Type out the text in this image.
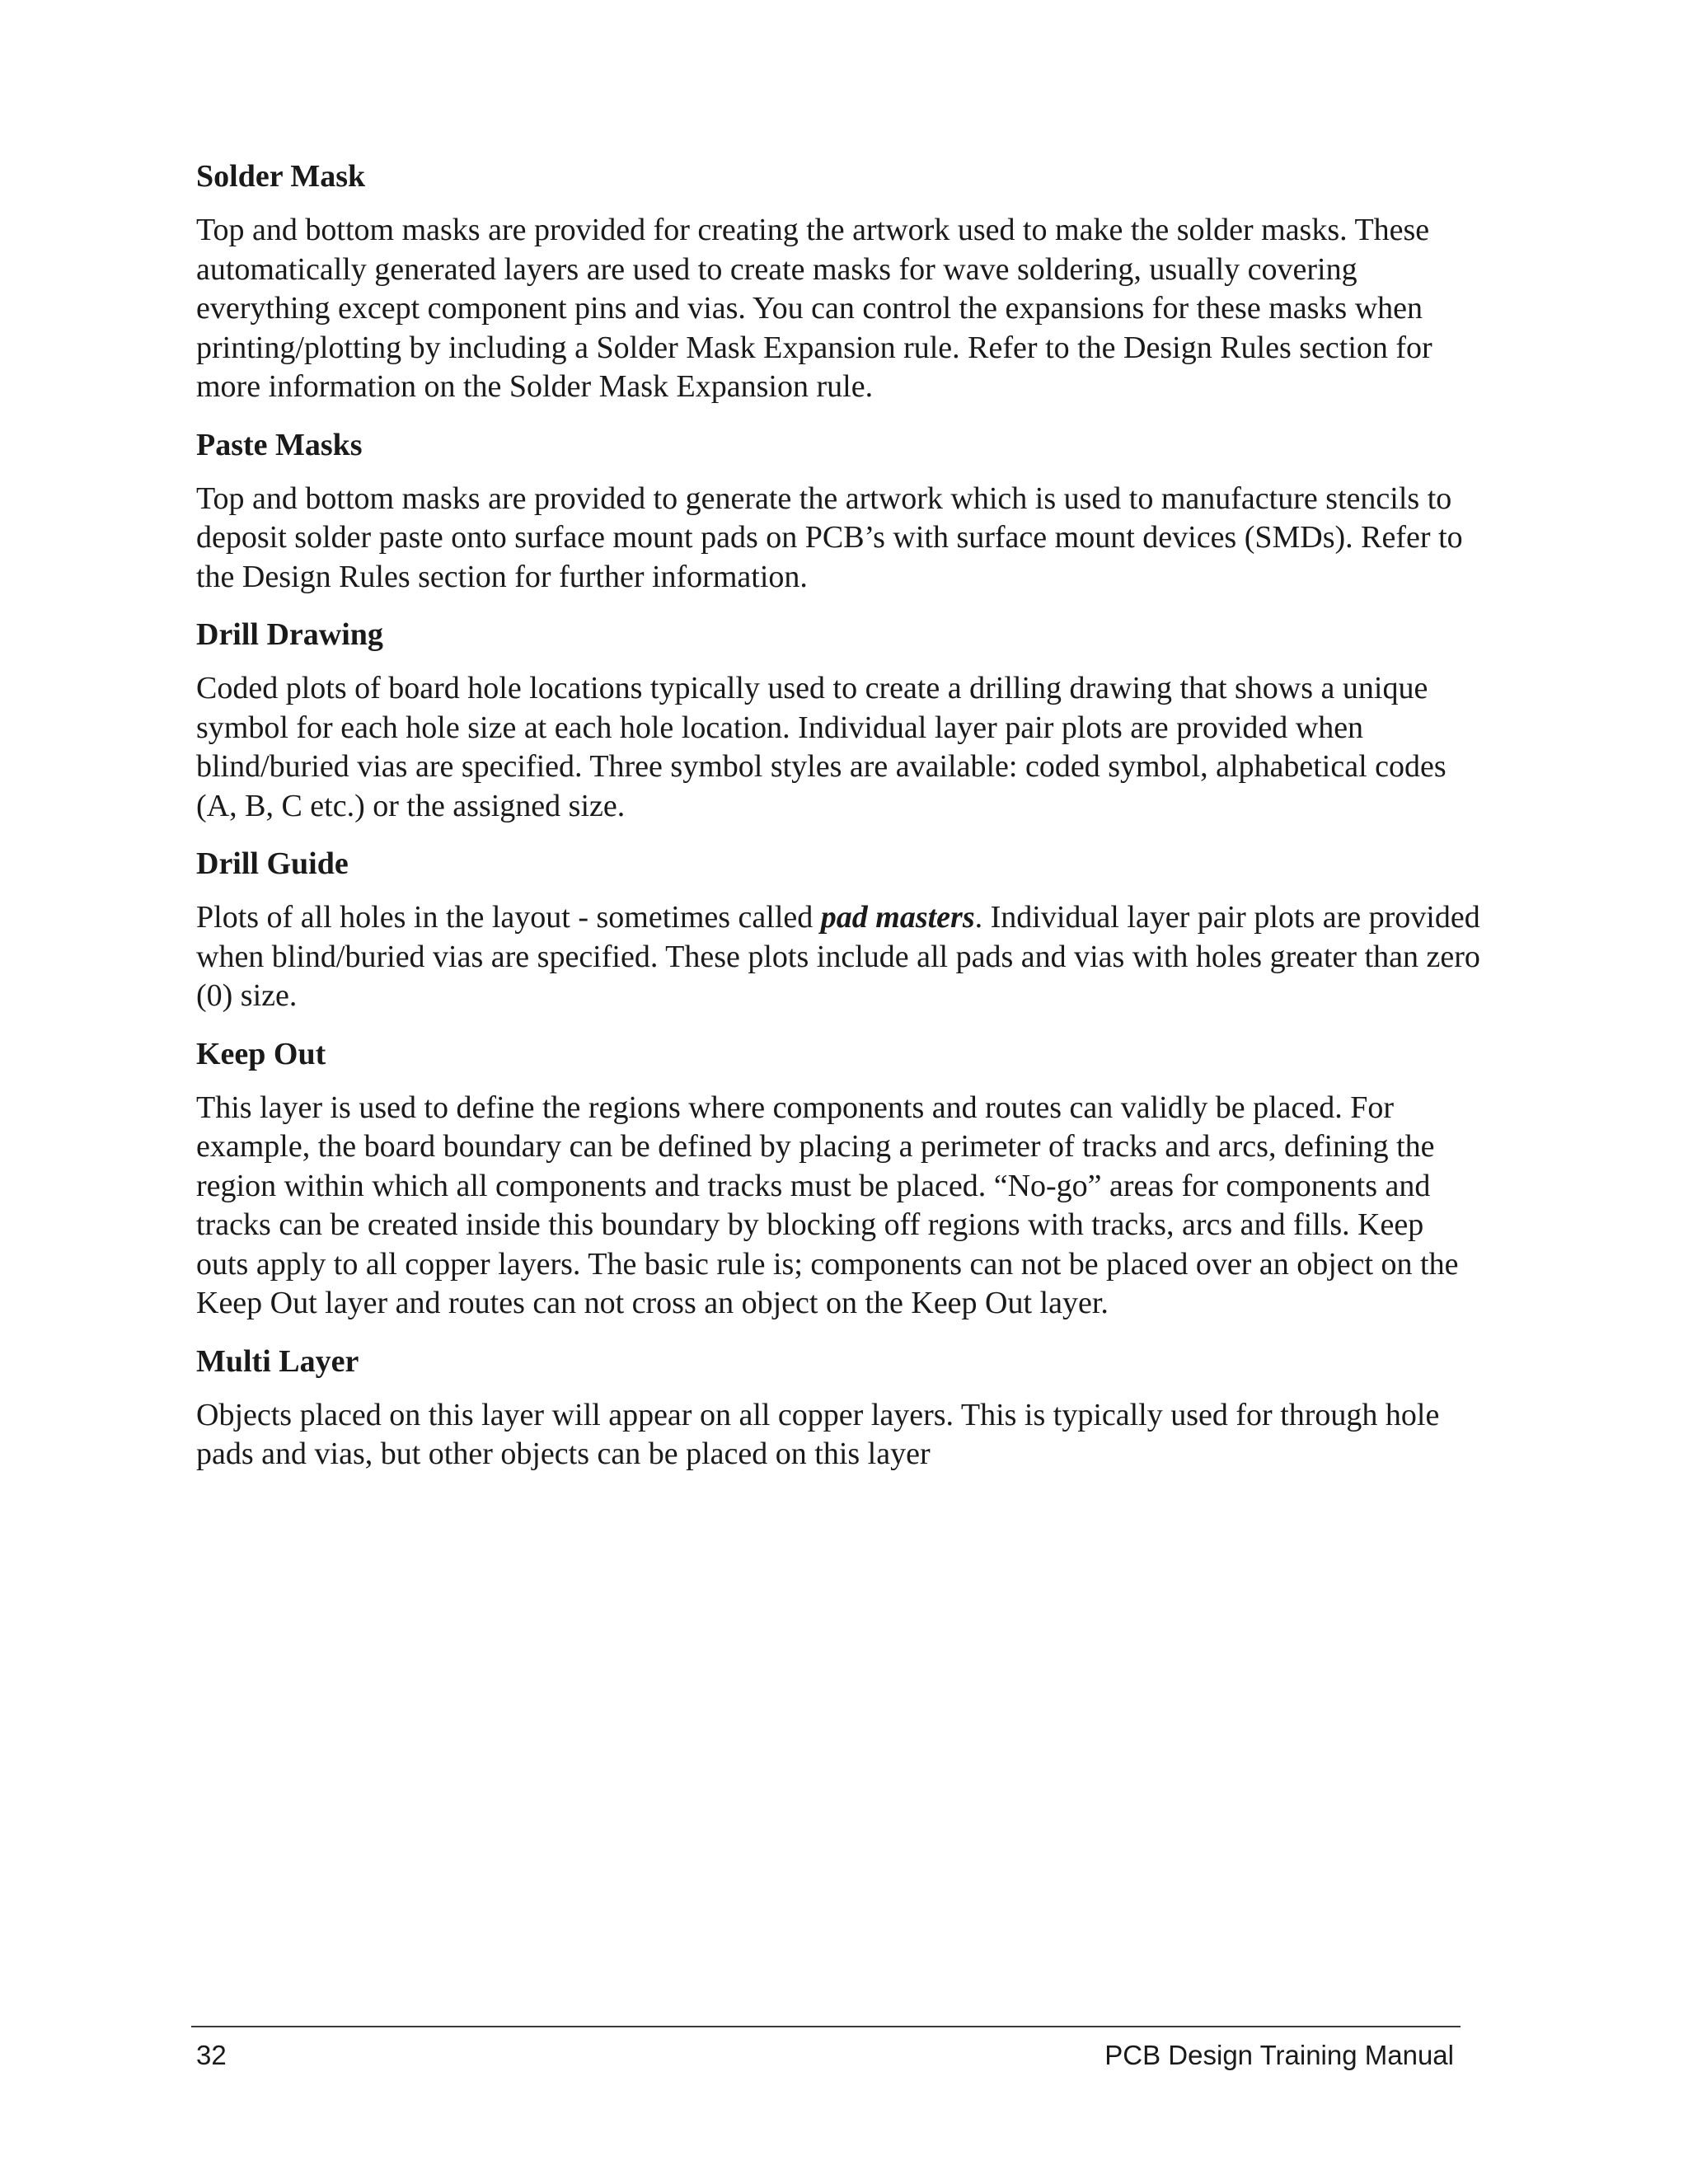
Solder Mask
Top and bottom masks are provided for creating the artwork used to make the solder masks. These automatically generated layers are used to create masks for wave soldering, usually covering everything except component pins and vias. You can control the expansions for these masks when printing/plotting by including a Solder Mask Expansion rule. Refer to the Design Rules section for more information on the Solder Mask Expansion rule.
Paste Masks
Top and bottom masks are provided to generate the artwork which is used to manufacture stencils to deposit solder paste onto surface mount pads on PCB’s with surface mount devices (SMDs). Refer to the Design Rules section for further information.
Drill Drawing
Coded plots of board hole locations typically used to create a drilling drawing that shows a unique symbol for each hole size at each hole location. Individual layer pair plots are provided when blind/buried vias are specified. Three symbol styles are available: coded symbol, alphabetical codes (A, B, C etc.) or the assigned size.
Drill Guide
Plots of all holes in the layout - sometimes called pad masters. Individual layer pair plots are provided when blind/buried vias are specified. These plots include all pads and vias with holes greater than zero (0) size.
Keep Out
This layer is used to define the regions where components and routes can validly be placed. For example, the board boundary can be defined by placing a perimeter of tracks and arcs, defining the region within which all components and tracks must be placed. “No-go” areas for components and tracks can be created inside this boundary by blocking off regions with tracks, arcs and fills. Keep outs apply to all copper layers. The basic rule is; components can not be placed over an object on the Keep Out layer and routes can not cross an object on the Keep Out layer.
Multi Layer
Objects placed on this layer will appear on all copper layers. This is typically used for through hole pads and vias, but other objects can be placed on this layer
32	PCB Design Training Manual
